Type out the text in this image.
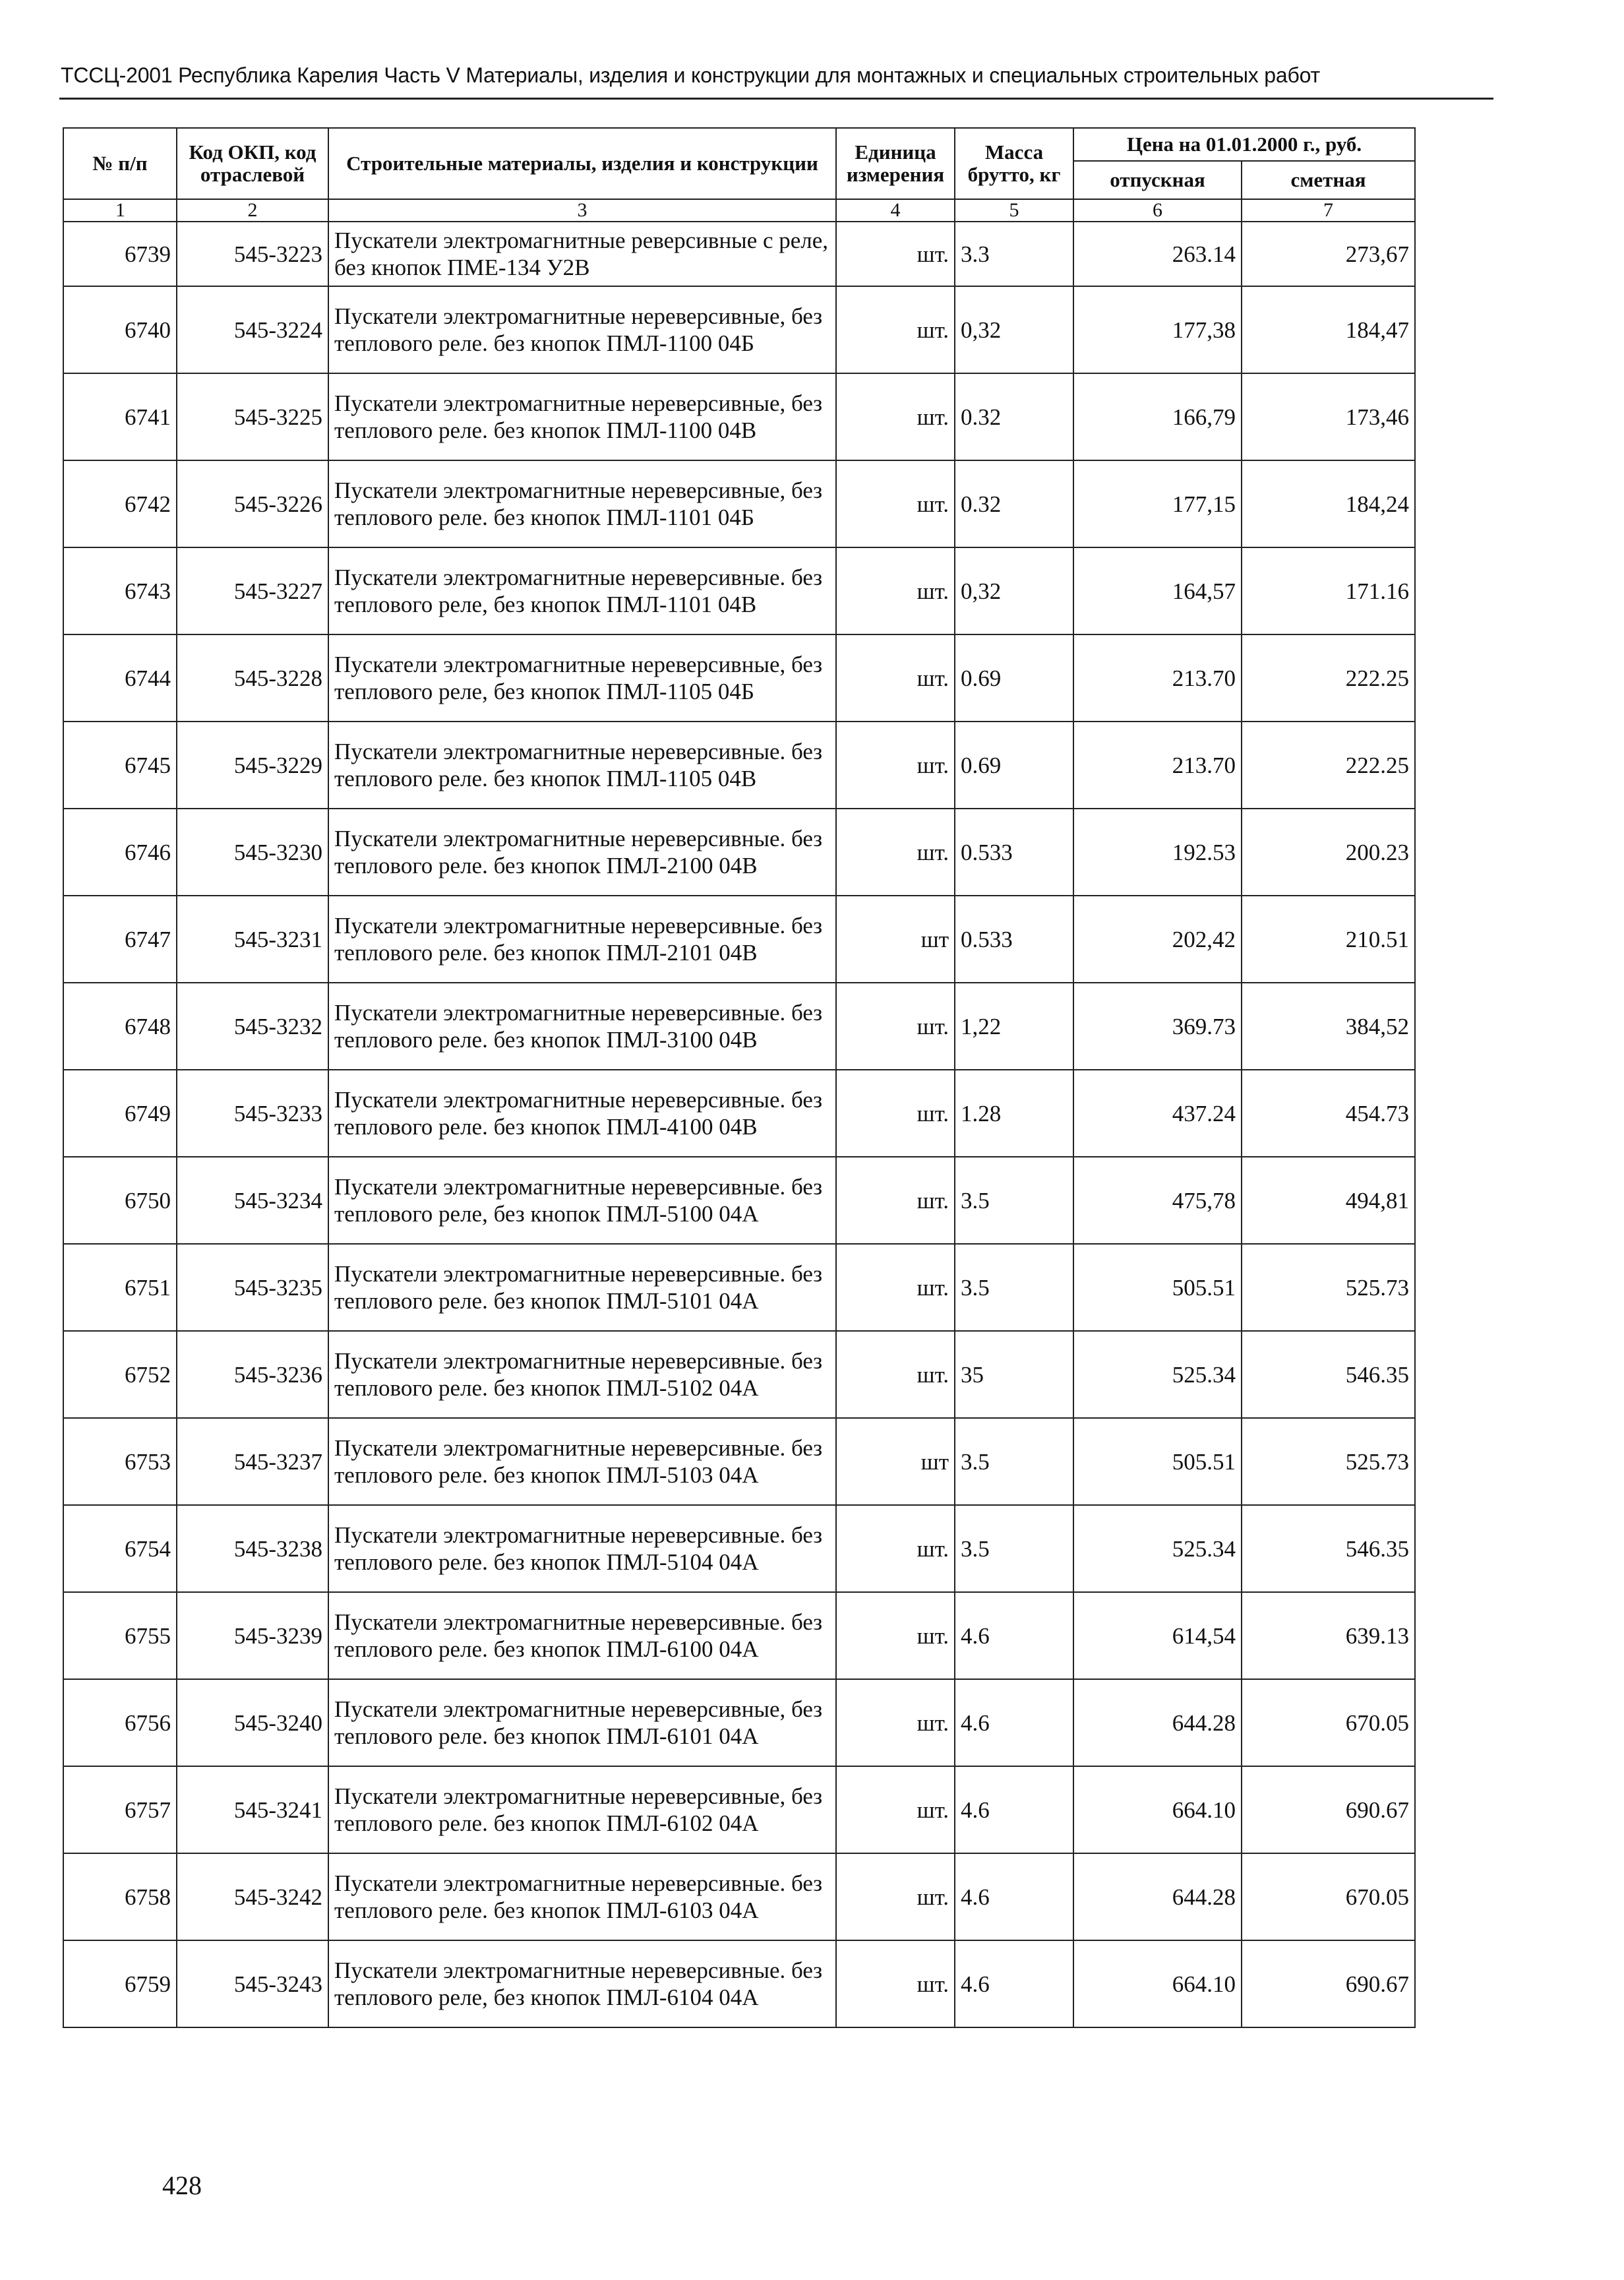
ТССЦ-2001 Республика Карелия Часть V Материалы, изделия и конструкции для монтажных и специальных строительных работ
№ п/п	Код ОКП, код отраслевой	Строительные материалы, изделия и конструкции	Единица измерения	Масса брутто, кг	Цена на 01.01.2000 г., руб.	
					отпускная	сметная
1	2	3	4	5	6	7
6739	545-3223	Пускатели электромагнитные реверсивные с реле, без кнопок ПМЕ-134 У2В	шт.	3.3	263.14	273,67
6740	545-3224	Пускатели электромагнитные нереверсивные, без теплового реле. без кнопок ПМЛ-1100 04Б	шт.	0,32	177,38	184,47
6741	545-3225	Пускатели электромагнитные нереверсивные, без теплового реле. без кнопок ПМЛ-1100 04В	шт.	0.32	166,79	173,46
6742	545-3226	Пускатели электромагнитные нереверсивные, без теплового реле. без кнопок ПМЛ-1101 04Б	шт.	0.32	177,15	184,24
6743	545-3227	Пускатели электромагнитные нереверсивные. без теплового реле, без кнопок ПМЛ-1101 04В	шт.	0,32	164,57	171.16
6744	545-3228	Пускатели электромагнитные нереверсивные, без теплового реле, без кнопок ПМЛ-1105 04Б	шт.	0.69	213.70	222.25
6745	545-3229	Пускатели электромагнитные нереверсивные. без теплового реле. без кнопок ПМЛ-1105 04В	шт.	0.69	213.70	222.25
6746	545-3230	Пускатели электромагнитные нереверсивные. без теплового реле. без кнопок ПМЛ-2100 04В	шт.	0.533	192.53	200.23
6747	545-3231	Пускатели электромагнитные нереверсивные. без теплового реле. без кнопок ПМЛ-2101 04В	шт	0.533	202,42	210.51
6748	545-3232	Пускатели электромагнитные нереверсивные. без теплового реле. без кнопок ПМЛ-3100 04В	шт.	1,22	369.73	384,52
6749	545-3233	Пускатели электромагнитные нереверсивные. без теплового реле. без кнопок ПМЛ-4100 04В	шт.	1.28	437.24	454.73
6750	545-3234	Пускатели электромагнитные нереверсивные. без теплового реле, без кнопок ПМЛ-5100 04А	шт.	3.5	475,78	494,81
6751	545-3235	Пускатели электромагнитные нереверсивные. без теплового реле. без кнопок ПМЛ-5101 04А	шт.	3.5	505.51	525.73
6752	545-3236	Пускатели электромагнитные нереверсивные. без теплового реле. без кнопок ПМЛ-5102 04А	шт.	35	525.34	546.35
6753	545-3237	Пускатели электромагнитные нереверсивные. без теплового реле. без кнопок ПМЛ-5103 04А	шт	3.5	505.51	525.73
6754	545-3238	Пускатели электромагнитные нереверсивные. без теплового реле. без кнопок ПМЛ-5104 04А	шт.	3.5	525.34	546.35
6755	545-3239	Пускатели электромагнитные нереверсивные. без теплового реле. без кнопок ПМЛ-6100 04А	шт.	4.6	614,54	639.13
6756	545-3240	Пускатели электромагнитные нереверсивные, без теплового реле. без кнопок ПМЛ-6101 04А	шт.	4.6	644.28	670.05
6757	545-3241	Пускатели электромагнитные нереверсивные, без теплового реле. без кнопок ПМЛ-6102 04А	шт.	4.6	664.10	690.67
6758	545-3242	Пускатели электромагнитные нереверсивные. без теплового реле. без кнопок ПМЛ-6103 04А	шт.	4.6	644.28	670.05
6759	545-3243	Пускатели электромагнитные нереверсивные. без теплового реле, без кнопок ПМЛ-6104 04А	шт.	4.6	664.10	690.67
428
